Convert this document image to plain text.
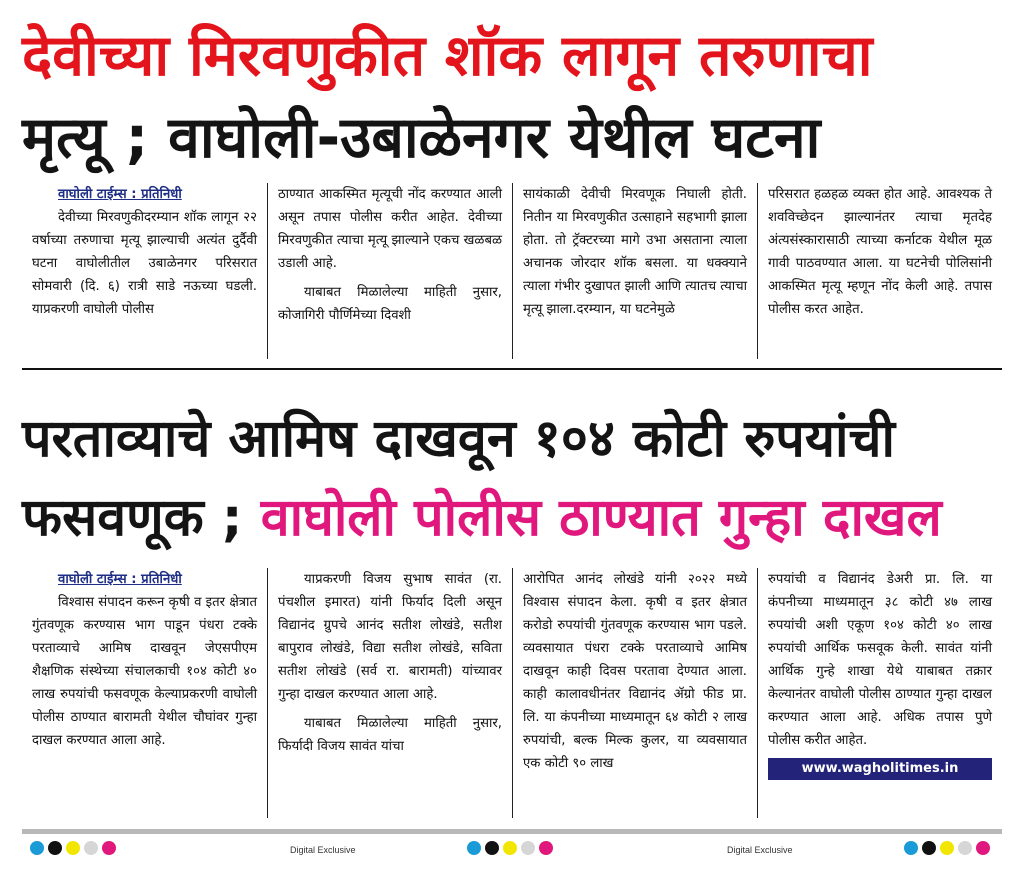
देवीच्या मिरवणुकीत शॉक लागून तरुणाचा
मृत्यू ; वाघोली-उबाळेनगर येथील घटना
वाघोली टाईम्स : प्रतिनिधी

देवीच्या मिरवणुकीदरम्यान शॉक लागून २२ वर्षाच्या तरुणाचा मृत्यू झाल्याची अत्यंत दुर्दैवी घटना वाघोलीतील उबाळेनगर परिसरात सोमवारी (दि. ६) रात्री साडे नऊच्या घडली. याप्रकरणी वाघोली पोलीस

ठाण्यात आकस्मित मृत्यूची नोंद करण्यात आली असून तपास पोलीस करीत आहेत. देवीच्या मिरवणुकीत त्याचा मृत्यू झाल्याने एकच खळबळ उडाली आहे.

याबाबत मिळालेल्या माहिती नुसार, कोजागिरी पौर्णिमेच्या दिवशी

सायंकाळी देवीची मिरवणूक निघाली होती. नितीन या मिरवणुकीत उत्साहाने सहभागी झाला होता. तो ट्रॅक्टरच्या मागे उभा असताना त्याला अचानक जोरदार शॉक बसला. या धक्क्याने त्याला गंभीर दुखापत झाली आणि त्यातच त्याचा मृत्यू झाला.दरम्यान, या घटनेमुळे

परिसरात हळहळ व्यक्त होत आहे. आवश्यक ते शवविच्छेदन झाल्यानंतर त्याचा मृतदेह अंत्यसंस्कारासाठी त्याच्या कर्नाटक येथील मूळ गावी पाठवण्यात आला. या घटनेची पोलिसांनी आकस्मित मृत्यू म्हणून नोंद केली आहे. तपास पोलीस करत आहेत.

परताव्याचे आमिष दाखवून १०४ कोटी रुपयांची
फसवणूक ; वाघोली पोलीस ठाण्यात गुन्हा दाखल
वाघोली टाईम्स : प्रतिनिधी

विश्वास संपादन करून कृषी व इतर क्षेत्रात गुंतवणूक करण्यास भाग पाडून पंधरा टक्के परताव्याचे आमिष दाखवून जेएसपीएम शैक्षणिक संस्थेच्या संचालकाची १०४ कोटी ४० लाख रुपयांची फसवणूक केल्याप्रकरणी वाघोली पोलीस ठाण्यात बारामती येथील चौघांवर गुन्हा दाखल करण्यात आला आहे.

याप्रकरणी विजय सुभाष सावंत (रा. पंचशील इमारत) यांनी फिर्याद दिली असून विद्यानंद ग्रुपचे आनंद सतीश लोखंडे, सतीश बापुराव लोखंडे, विद्या सतीश लोखंडे, सविता सतीश लोखंडे (सर्व रा. बारामती) यांच्यावर गुन्हा दाखल करण्यात आला आहे.

याबाबत मिळालेल्या माहिती नुसार, फिर्यादी विजय सावंत यांचा

आरोपित आनंद लोखंडे यांनी २०२२ मध्ये विश्वास संपादन केला. कृषी व इतर क्षेत्रात करोडो रुपयांची गुंतवणूक करण्यास भाग पडले. व्यवसायात पंधरा टक्के परताव्याचे आमिष दाखवून काही दिवस परतावा देण्यात आला. काही कालावधीनंतर विद्यानंद ॲग्रो फीड प्रा. लि. या कंपनीच्या माध्यमातून ६४ कोटी २ लाख रुपयांची, बल्क मिल्क कुलर, या व्यवसायात एक कोटी ९० लाख

रुपयांची व विद्यानंद डेअरी प्रा. लि. या कंपनीच्या माध्यमातून ३८ कोटी ४७ लाख रुपयांची अशी एकूण १०४ कोटी ४० लाख रुपयांची आर्थिक फसवूक केली. सावंत यांनी आर्थिक गुन्हे शाखा येथे याबाबत तक्रार केल्यानंतर वाघोली पोलीस ठाण्यात गुन्हा दाखल करण्यात आला आहे. अधिक तपास पुणे पोलीस करीत आहेत.

www.wagholitimes.in
Digital Exclusive	Digital Exclusive
